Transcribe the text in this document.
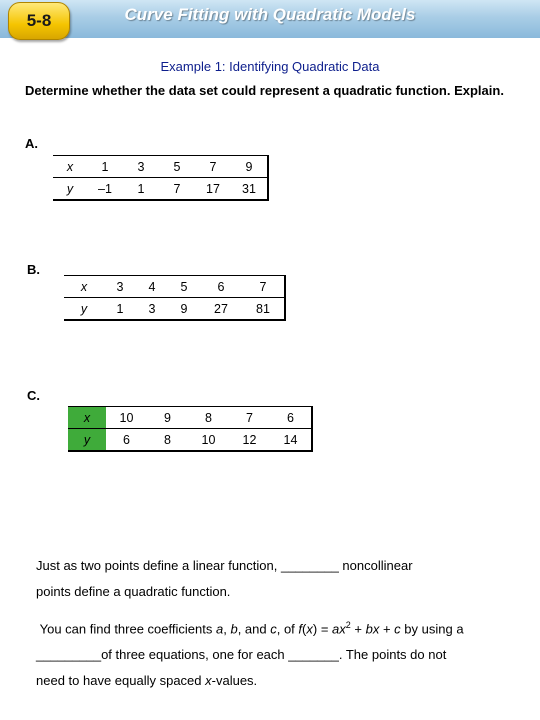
5-8	Curve Fitting with Quadratic Models
Example 1: Identifying Quadratic Data
Determine whether the data set could represent a quadratic function. Explain.
A.
x	1	3	5	7	9
y	–1	1	7	17	31
B.
x	3	4	5	6	7
y	1	3	9	27	81
C.
x	10	9	8	7	6
y	6	8	10	12	14
Just as two points define a linear function, ________ noncollinear
points define a quadratic function.
You can find three coefficients a, b, and c, of $f(x) = ax^2$ + bx + c by using a
_________of three equations, one for each _______. The points do not
need to have equally spaced x-values.
